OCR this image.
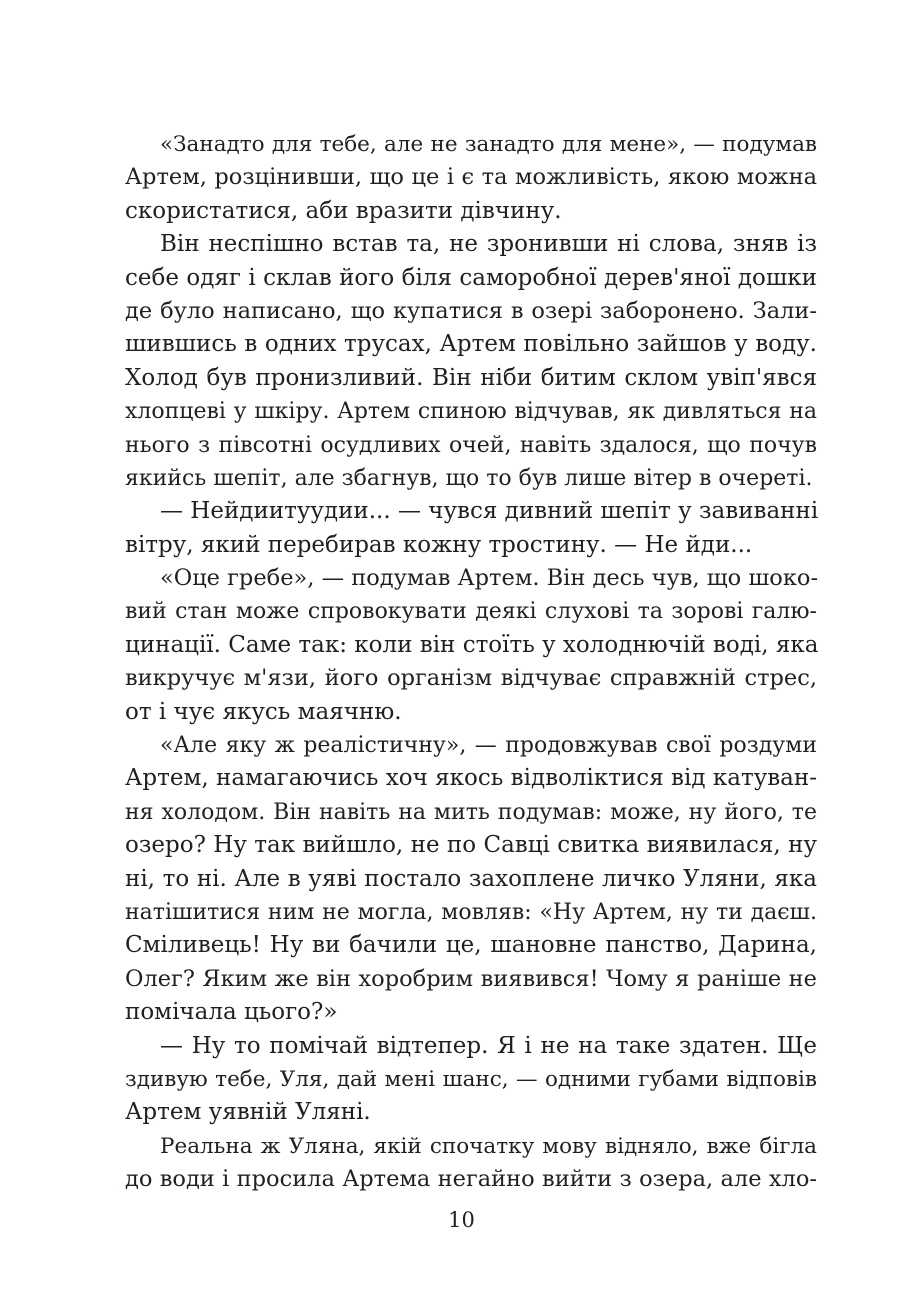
«Занадто для тебе, але не занадто для мене», — подумав
Артем, розцінивши, що це і є та можливість, якою можна
скористатися, аби вразити дівчину.
Він неспішно встав та, не зронивши ні слова, зняв із
себе одяг і склав його біля саморобної дерев'яної дошки
де було написано, що купатися в озері заборонено. Зали-
шившись в одних трусах, Артем повільно зайшов у воду.
Холод був пронизливий. Він ніби битим склом увіп'явся
хлопцеві у шкіру. Артем спиною відчував, як дивляться на
нього з півсотні осудливих очей, навіть здалося, що почув
якийсь шепіт, але збагнув, що то був лише вітер в очереті.
— Нейдиитуудии... — чувся дивний шепіт у завиванні
вітру, який перебирав кожну тростину. — Не йди...
«Оце гребе», — подумав Артем. Він десь чув, що шоко-
вий стан може спровокувати деякі слухові та зорові галю-
цинації. Саме так: коли він стоїть у холоднючій воді, яка
викручує м'язи, його організм відчуває справжній стрес,
от і чує якусь маячню.
«Але яку ж реалістичну», — продовжував свої роздуми
Артем, намагаючись хоч якось відволіктися від катуван-
ня холодом. Він навіть на мить подумав: може, ну його, те
озеро? Ну так вийшло, не по Савці свитка виявилася, ну
ні, то ні. Але в уяві постало захоплене личко Уляни, яка
натішитися ним не могла, мовляв: «Ну Артем, ну ти даєш.
Сміливець! Ну ви бачили це, шановне панство, Дарина,
Олег? Яким же він хоробрим виявився! Чому я раніше не
помічала цього?»
— Ну то помічай відтепер. Я і не на таке здатен. Ще
здивую тебе, Уля, дай мені шанс, — одними губами відповів
Артем уявній Уляні.
Реальна ж Уляна, якій спочатку мову відняло, вже бігла
до води і просила Артема негайно вийти з озера, але хло-
10
